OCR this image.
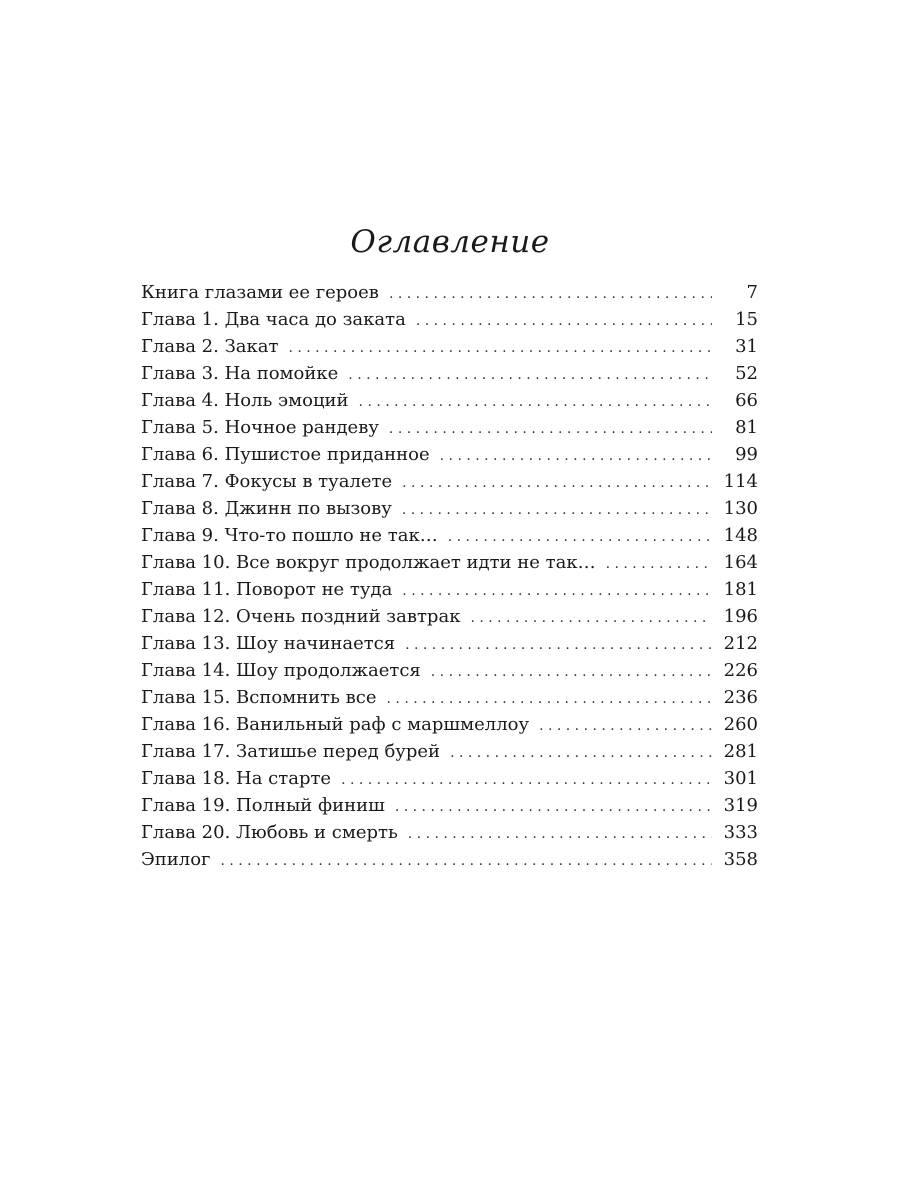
Оглавление
Книга глазами ее героев . . .	7
Глава 1. Два часа до заката . . .	15
Глава 2. Закат . . .	31
Глава 3. На помойке . . .	52
Глава 4. Ноль эмоций . . .	66
Глава 5. Ночное рандеву . . .	81
Глава 6. Пушистое приданное . . .	99
Глава 7. Фокусы в туалете . . .	114
Глава 8. Джинн по вызову . . .	130
Глава 9. Что-то пошло не так… . . .	148
Глава 10. Все вокруг продолжает идти не так… . . .	164
Глава 11. Поворот не туда . . .	181
Глава 12. Очень поздний завтрак . . .	196
Глава 13. Шоу начинается . . .	212
Глава 14. Шоу продолжается . . .	226
Глава 15. Вспомнить все . . .	236
Глава 16. Ванильный раф с маршмеллоу . . .	260
Глава 17. Затишье перед бурей . . .	281
Глава 18. На старте . . .	301
Глава 19. Полный финиш . . .	319
Глава 20. Любовь и смерть . . .	333
Эпилог . . .	358
